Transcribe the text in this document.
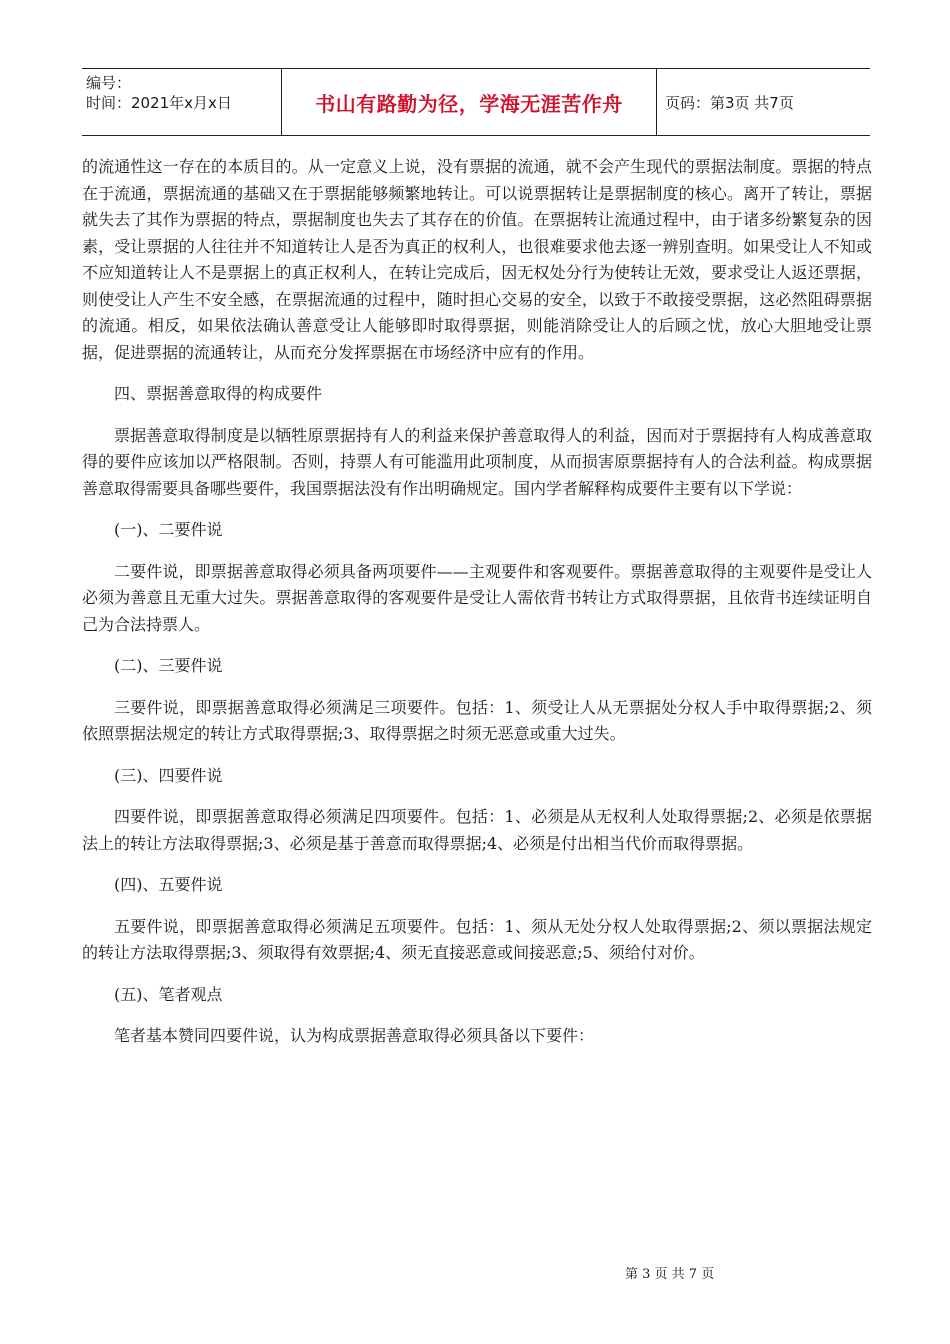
编号：
时间：2021年x月x日	书山有路勤为径，学海无涯苦作舟	页码：第3页 共7页

的流通性这一存在的本质目的。从一定意义上说，没有票据的流通，就不会产生现代的票据法制度。票据的特点在于流通，票据流通的基础又在于票据能够频繁地转让。可以说票据转让是票据制度的核心。离开了转让，票据就失去了其作为票据的特点，票据制度也失去了其存在的价值。在票据转让流通过程中，由于诸多纷繁复杂的因素，受让票据的人往往并不知道转让人是否为真正的权利人，也很难要求他去逐一辨别查明。如果受让人不知或不应知道转让人不是票据上的真正权利人，在转让完成后，因无权处分行为使转让无效，要求受让人返还票据，则使受让人产生不安全感，在票据流通的过程中，随时担心交易的安全，以致于不敢接受票据，这必然阻碍票据的流通。相反，如果依法确认善意受让人能够即时取得票据，则能消除受让人的后顾之忧，放心大胆地受让票据，促进票据的流通转让，从而充分发挥票据在市场经济中应有的作用。

四、票据善意取得的构成要件

票据善意取得制度是以牺牲原票据持有人的利益来保护善意取得人的利益，因而对于票据持有人构成善意取得的要件应该加以严格限制。否则，持票人有可能滥用此项制度，从而损害原票据持有人的合法利益。构成票据善意取得需要具备哪些要件，我国票据法没有作出明确规定。国内学者解释构成要件主要有以下学说：

(一)、二要件说

二要件说，即票据善意取得必须具备两项要件——主观要件和客观要件。票据善意取得的主观要件是受让人必须为善意且无重大过失。票据善意取得的客观要件是受让人需依背书转让方式取得票据，且依背书连续证明自己为合法持票人。

(二)、三要件说

三要件说，即票据善意取得必须满足三项要件。包括：1、须受让人从无票据处分权人手中取得票据;2、须依照票据法规定的转让方式取得票据;3、取得票据之时须无恶意或重大过失。

(三)、四要件说

四要件说，即票据善意取得必须满足四项要件。包括：1、必须是从无权利人处取得票据;2、必须是依票据法上的转让方法取得票据;3、必须是基于善意而取得票据;4、必须是付出相当代价而取得票据。

(四)、五要件说

五要件说，即票据善意取得必须满足五项要件。包括：1、须从无处分权人处取得票据;2、须以票据法规定的转让方法取得票据;3、须取得有效票据;4、须无直接恶意或间接恶意;5、须给付对价。

(五)、笔者观点

笔者基本赞同四要件说，认为构成票据善意取得必须具备以下要件：

第 3 页 共 7 页
